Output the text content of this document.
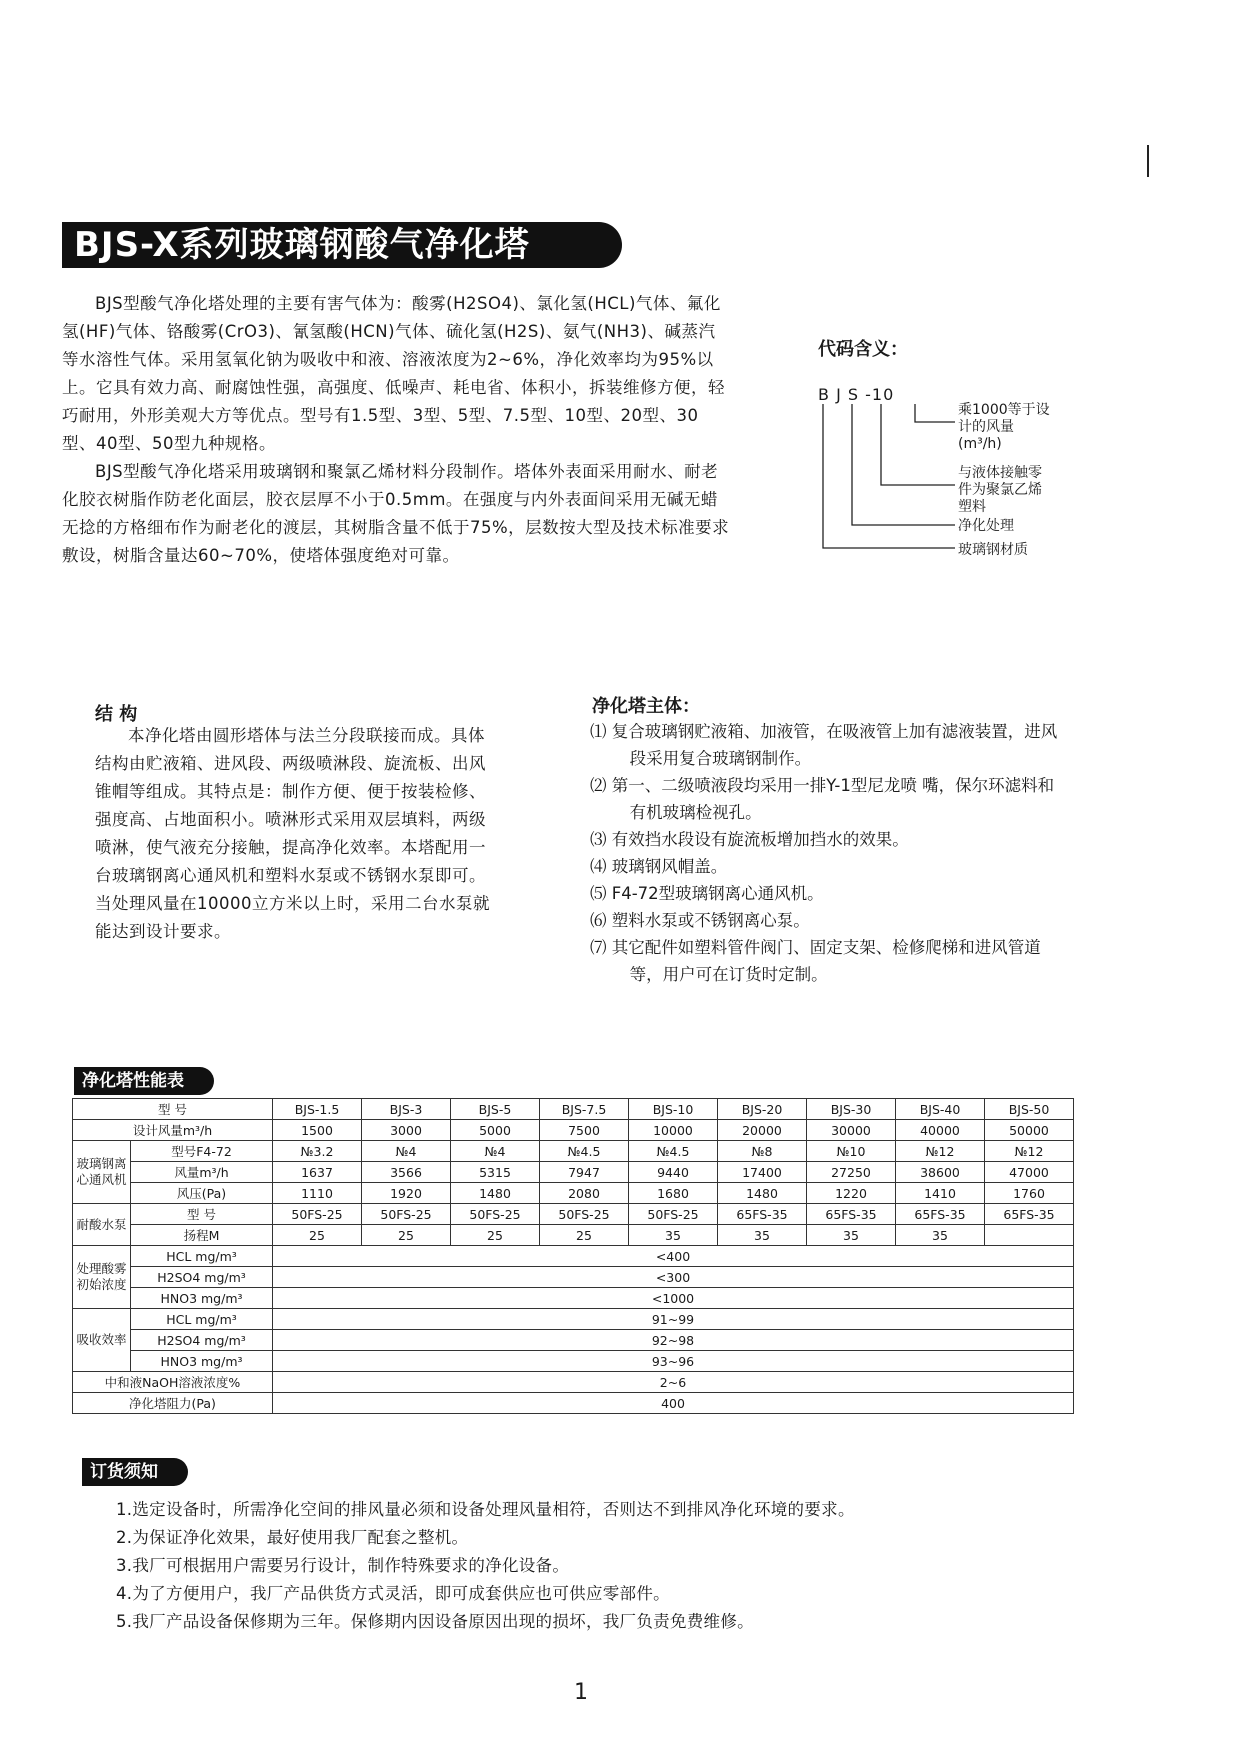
BJS-X系列玻璃钢酸气净化塔

BJS型酸气净化塔处理的主要有害气体为：酸雾(H2SO4)、氯化氢(HCL)气体、氟化氢(HF)气体、铬酸雾(CrO3)、氰氢酸(HCN)气体、硫化氢(H2S)、氨气(NH3)、碱蒸汽等水溶性气体。采用氢氧化钠为吸收中和液、溶液浓度为2~6%，净化效率均为95%以上。它具有效力高、耐腐蚀性强，高强度、低噪声、耗电省、体积小，拆装维修方便，轻巧耐用，外形美观大方等优点。型号有1.5型、3型、5型、7.5型、10型、20型、30型、40型、50型九种规格。

BJS型酸气净化塔采用玻璃钢和聚氯乙烯材料分段制作。塔体外表面采用耐水、耐老化胶衣树脂作防老化面层，胶衣层厚不小于0.5mm。在强度与内外表面间采用无碱无蜡无捻的方格细布作为耐老化的渡层，其树脂含量不低于75%，层数按大型及技术标准要求敷设，树脂含量达60~70%，使塔体强度绝对可靠。

代码含义：
B J S -10
乘1000等于设计的风量(m³/h)
与液体接触零件为聚氯乙烯塑料
净化处理
玻璃钢材质
结 构

本净化塔由圆形塔体与法兰分段联接而成。具体结构由贮液箱、进风段、两级喷淋段、旋流板、出风锥帽等组成。其特点是：制作方便、便于按装检修、强度高、占地面积小。喷淋形式采用双层填料，两级喷淋，使气液充分接触，提高净化效率。本塔配用一台玻璃钢离心通风机和塑料水泵或不锈钢水泵即可。当处理风量在10000立方米以上时，采用二台水泵就能达到设计要求。

净化塔主体：
⑴ 复合玻璃钢贮液箱、加液管，在吸液管上加有滤液装置，进风段采用复合玻璃钢制作。
⑵ 第一、二级喷液段均采用一排Y-1型尼龙喷 嘴，保尔环滤料和有机玻璃检视孔。
⑶ 有效挡水段设有旋流板增加挡水的效果。
⑷ 玻璃钢风帽盖。
⑸ F4-72型玻璃钢离心通风机。
⑹ 塑料水泵或不锈钢离心泵。
⑺ 其它配件如塑料管件阀门、固定支架、检修爬梯和进风管道等，用户可在订货时定制。
净化塔性能表
型 号		BJS-1.5	BJS-3	BJS-5	BJS-7.5	BJS-10	BJS-20	BJS-30	BJS-40	BJS-50
设计风量m³/h		1500	3000	5000	7500	10000	20000	30000	40000	50000
玻璃钢离心通风机	型号F4-72	№3.2	№4	№4	№4.5	№4.5	№8	№10	№12	№12
	风量m³/h	1637	3566	5315	7947	9440	17400	27250	38600	47000
	风压(Pa)	1110	1920	1480	2080	1680	1480	1220	1410	1760
耐酸水泵	型 号	50FS-25	50FS-25	50FS-25	50FS-25	50FS-25	65FS-35	65FS-35	65FS-35	65FS-35
	扬程M	25	25	25	25	35	35	35	35	
处理酸雾初始浓度	HCL mg/m³	<400								
	H2SO4 mg/m³	<300								
	HNO3 mg/m³	<1000								
吸收效率	HCL mg/m³	91~99								
	H2SO4 mg/m³	92~98								
	HNO3 mg/m³	93~96								
中和液NaOH溶液浓度%		2~6								
净化塔阻力(Pa)		400								
订货须知
1.选定设备时，所需净化空间的排风量必须和设备处理风量相符，否则达不到排风净化环境的要求。
2.为保证净化效果，最好使用我厂配套之整机。
3.我厂可根据用户需要另行设计，制作特殊要求的净化设备。
4.为了方便用户，我厂产品供货方式灵活，即可成套供应也可供应零部件。
5.我厂产品设备保修期为三年。保修期内因设备原因出现的损坏，我厂负责免费维修。
1
